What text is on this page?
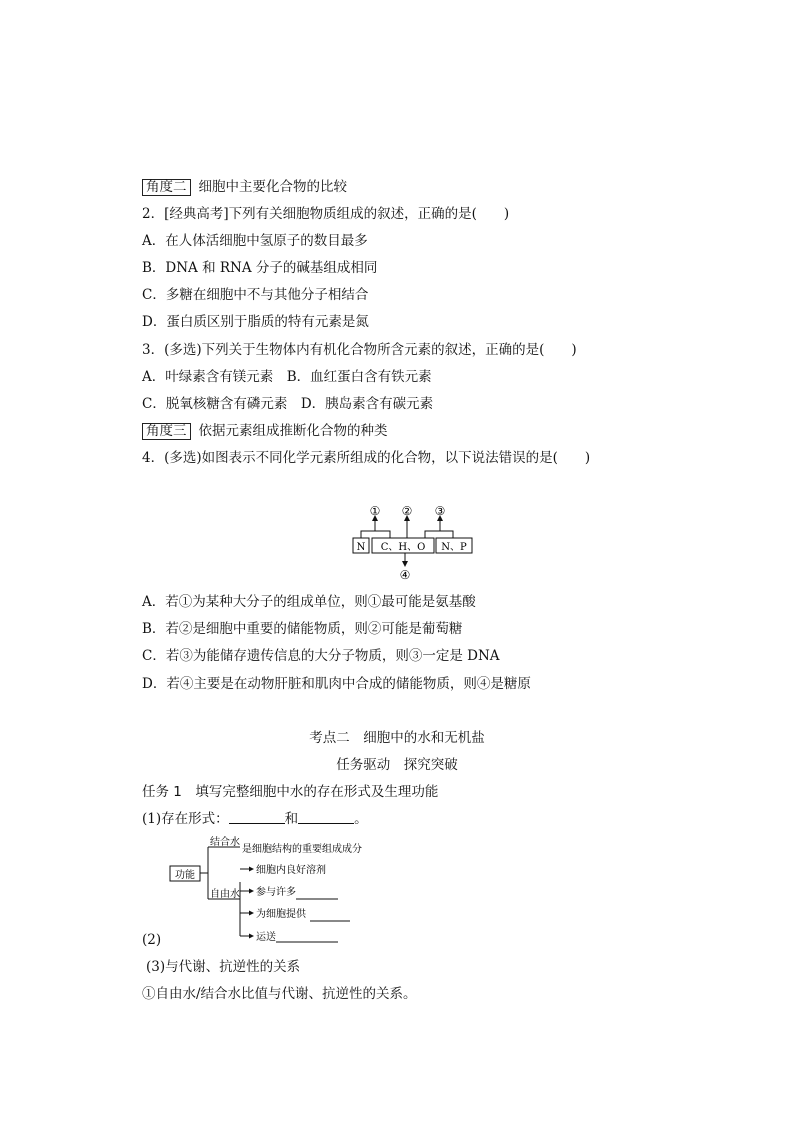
角度二 细胞中主要化合物的比较
2．[经典高考]下列有关细胞物质组成的叙述，正确的是(　　)
A．在人体活细胞中氢原子的数目最多
B．DNA 和 RNA 分子的碱基组成相同
C．多糖在细胞中不与其他分子相结合
D．蛋白质区别于脂质的特有元素是氮
3．(多选)下列关于生物体内有机化合物所含元素的叙述，正确的是(　　)
A．叶绿素含有镁元素　B．血红蛋白含有铁元素
C．脱氧核糖含有磷元素　D．胰岛素含有碳元素
角度三 依据元素组成推断化合物的种类
4．(多选)如图表示不同化学元素所组成的化合物，以下说法错误的是(　　)
N C、H、O N、P
① ② ③
④
A．若①为某种大分子的组成单位，则①最可能是氨基酸
B．若②是细胞中重要的储能物质，则②可能是葡萄糖
C．若③为能储存遗传信息的大分子物质，则③一定是 DNA
D．若④主要是在动物肝脏和肌肉中合成的储能物质，则④是糖原
考点二　细胞中的水和无机盐
任务驱动　探究突破
任务 1　填写完整细胞中水的存在形式及生理功能
(1)存在形式：	和	。
功能
结合水
是细胞结构的重要组成成分
自由水
细胞内良好溶剂
参与许多
为细胞提供
运送
(2)
(3)与代谢、抗逆性的关系
①自由水/结合水比值与代谢、抗逆性的关系。
